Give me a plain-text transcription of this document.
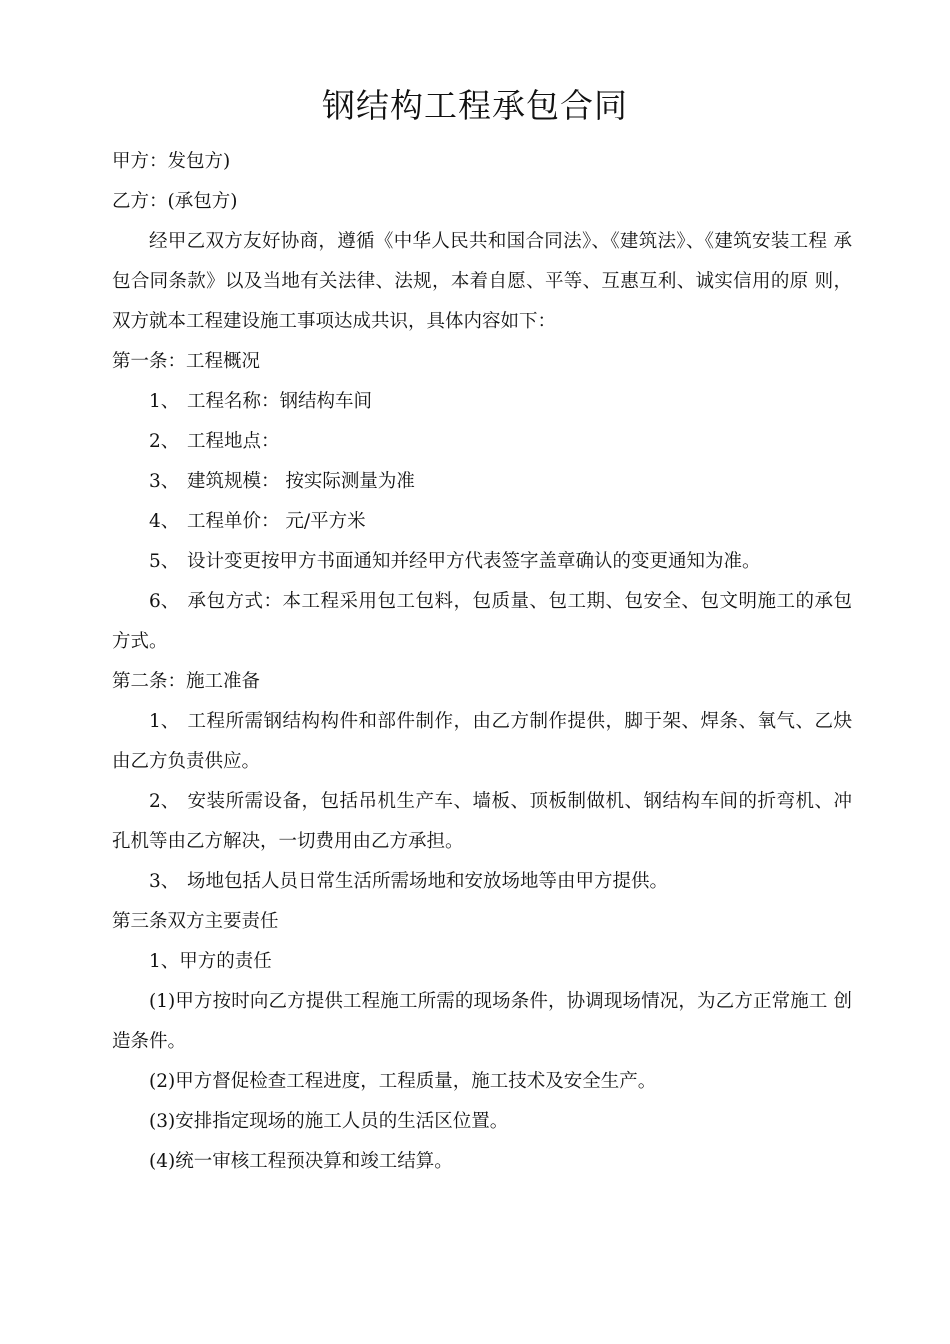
钢结构工程承包合同

甲方：发包方)

乙方：(承包方)

经甲乙双方友好协商，遵循《中华人民共和国合同法》、《建筑法》、《建筑安装工程 承包合同条款》以及当地有关法律、法规，本着自愿、平等、互惠互利、诚实信用的原 则，双方就本工程建设施工事项达成共识，具体内容如下：

第一条：工程概况

1、 工程名称：钢结构车间

2、 工程地点：

3、 建筑规模： 按实际测量为准

4、 工程单价： 元/平方米

5、 设计变更按甲方书面通知并经甲方代表签字盖章确认的变更通知为准。

6、 承包方式：本工程采用包工包料，包质量、包工期、包安全、包文明施工的承包方式。

第二条：施工准备

1、 工程所需钢结构构件和部件制作，由乙方制作提供，脚于架、焊条、氧气、乙炔 由乙方负责供应。

2、 安装所需设备，包括吊机生产车、墙板、顶板制做机、钢结构车间的折弯机、冲孔机等由乙方解决，一切费用由乙方承担。

3、 场地包括人员日常生活所需场地和安放场地等由甲方提供。

第三条双方主要责任

1、甲方的责任

(1)甲方按时向乙方提供工程施工所需的现场条件，协调现场情况，为乙方正常施工 创造条件。

(2)甲方督促检查工程进度，工程质量，施工技术及安全生产。

(3)安排指定现场的施工人员的生活区位置。

(4)统一审核工程预决算和竣工结算。
